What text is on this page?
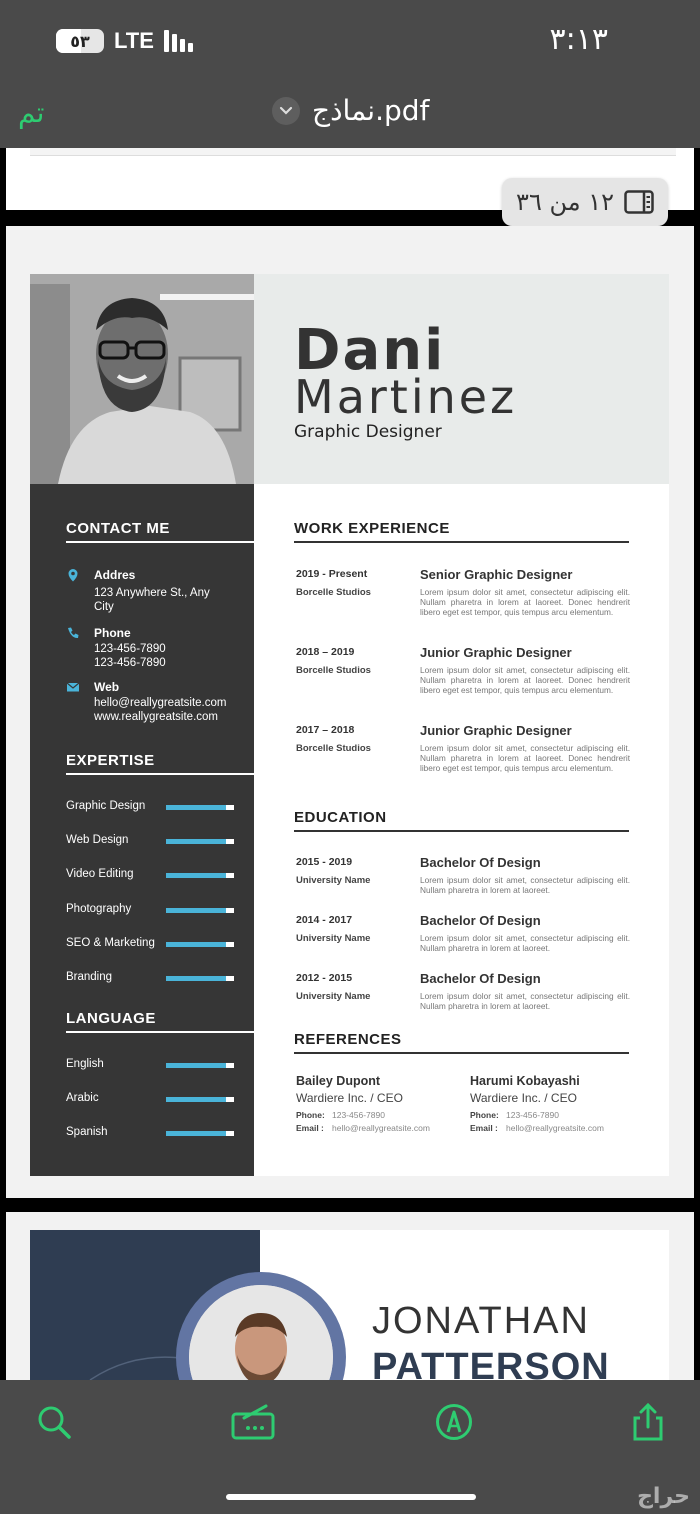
٥٣ LTE	٣:١٣
تم	نماذج.pdf
١٢ من ٣٦
Dani
Martinez
Graphic Designer
CONTACT ME
Addres
123 Anywhere St., Any City
Phone
123-456-7890
123-456-7890
Web
hello@reallygreatsite.com
www.reallygreatsite.com
EXPERTISE
Graphic Design
Web Design
Video Editing
Photography
SEO & Marketing
Branding
LANGUAGE
English
Arabic
Spanish
WORK EXPERIENCE
2019 - Present
Borcelle Studios
Senior Graphic Designer
Lorem ipsum dolor sit amet, consectetur adipiscing elit. Nullam pharetra in lorem at laoreet. Donec hendrerit libero eget est tempor, quis tempus arcu elementum.
2018 – 2019
Borcelle Studios
Junior Graphic Designer
Lorem ipsum dolor sit amet, consectetur adipiscing elit. Nullam pharetra in lorem at laoreet. Donec hendrerit libero eget est tempor, quis tempus arcu elementum.
2017 – 2018
Borcelle Studios
Junior Graphic Designer
Lorem ipsum dolor sit amet, consectetur adipiscing elit. Nullam pharetra in lorem at laoreet. Donec hendrerit libero eget est tempor, quis tempus arcu elementum.
EDUCATION
2015 - 2019
University Name
Bachelor Of Design
Lorem ipsum dolor sit amet, consectetur adipiscing elit. Nullam pharetra in lorem at laoreet.
2014 - 2017
University Name
Bachelor Of Design
Lorem ipsum dolor sit amet, consectetur adipiscing elit. Nullam pharetra in lorem at laoreet.
2012 - 2015
University Name
Bachelor Of Design
Lorem ipsum dolor sit amet, consectetur adipiscing elit. Nullam pharetra in lorem at laoreet.
REFERENCES
Bailey Dupont
Wardiere Inc. / CEO
Phone: 123-456-7890
Email : hello@reallygreatsite.com
Harumi Kobayashi
Wardiere Inc. / CEO
Phone: 123-456-7890
Email : hello@reallygreatsite.com
JONATHAN
PATTERSON
حراج
